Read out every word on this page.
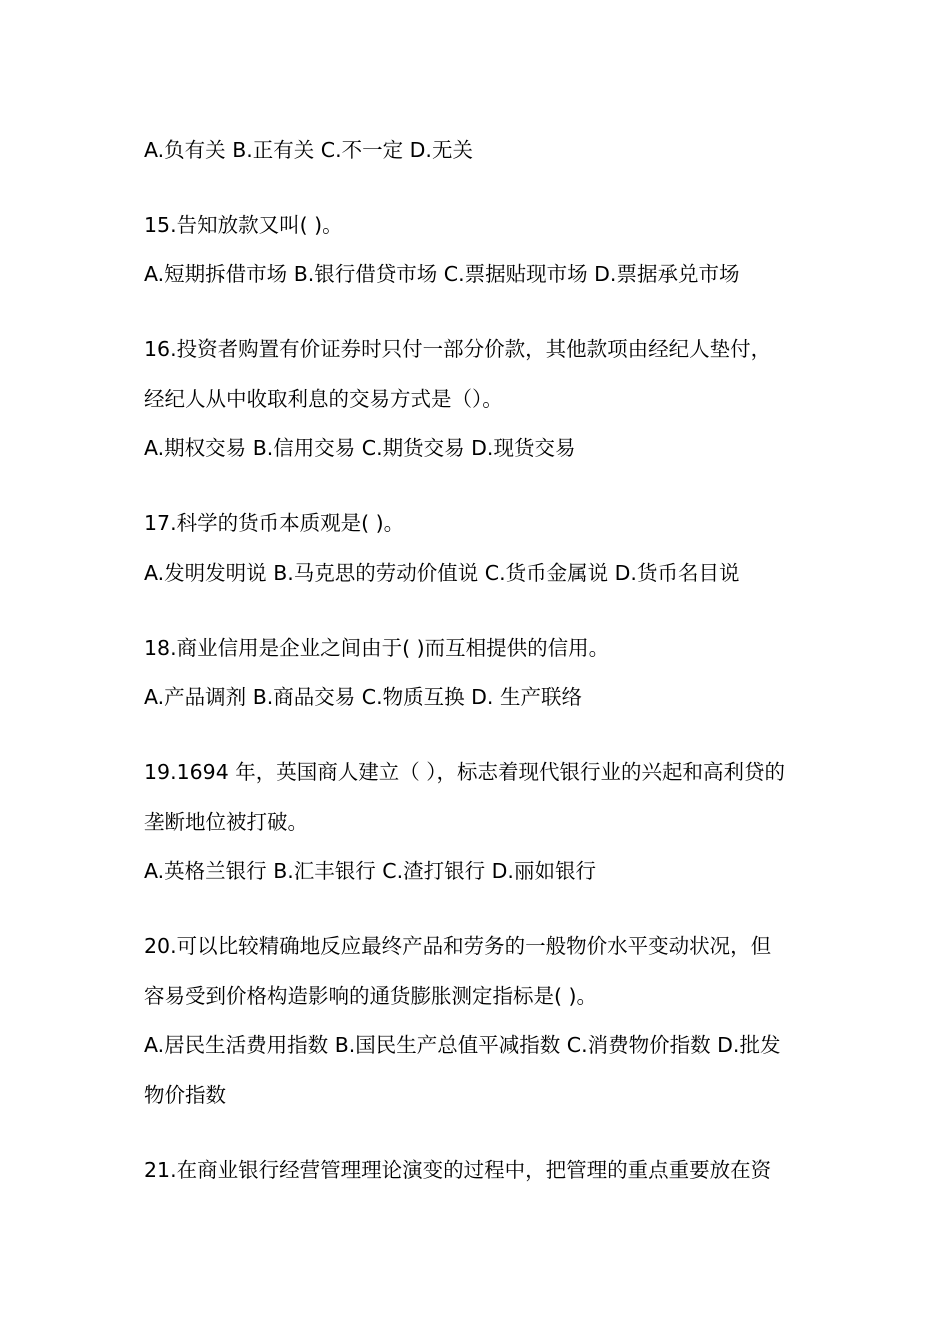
A.负有关 B.正有关 C.不一定 D.无关

15.告知放款又叫( )。

A.短期拆借市场 B.银行借贷市场 C.票据贴现市场 D.票据承兑市场

16.投资者购置有价证券时只付一部分价款，其他款项由经纪人垫付，

经纪人从中收取利息的交易方式是（）。

A.期权交易 B.信用交易 C.期货交易 D.现货交易

17.科学的货币本质观是( )。

A.发明发明说 B.马克思的劳动价值说 C.货币金属说 D.货币名目说

18.商业信用是企业之间由于( )而互相提供的信用。

A.产品调剂 B.商品交易 C.物质互换 D. 生产联络

19.1694 年，英国商人建立（ ），标志着现代银行业的兴起和高利贷的

垄断地位被打破。

A.英格兰银行 B.汇丰银行 C.渣打银行 D.丽如银行

20.可以比较精确地反应最终产品和劳务的一般物价水平变动状况，但

容易受到价格构造影响的通货膨胀测定指标是( )。

A.居民生活费用指数 B.国民生产总值平减指数 C.消费物价指数 D.批发

物价指数

21.在商业银行经营管理理论演变的过程中，把管理的重点重要放在资
